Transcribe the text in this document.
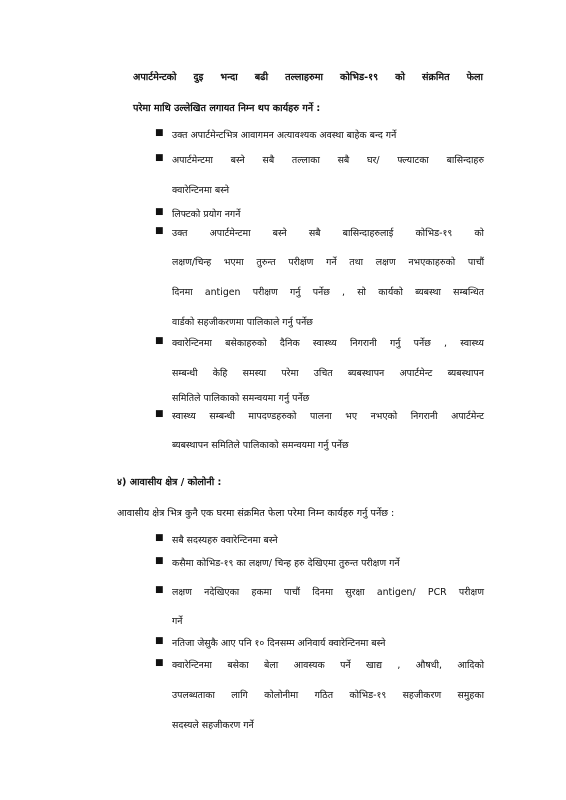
अपार्टमेन्टको दुइ भन्दा बढी तल्लाहरुमा कोभिड-१९ को संक्रमित फेला
परेमा माथि उल्लेखित लगायत निम्न थप कार्यहरु गर्ने :
■ उक्त अपार्टमेन्टभित्र आवागमन अत्यावश्यक अवस्था बाहेक बन्द गर्ने
■ अपार्टमेन्टमा बस्ने सबै तल्लाका सबै घर/ फ्ल्याटका बासिन्दाहरु
क्वारेन्टिनमा बस्ने
■ लिफ्टको प्रयोग नगर्ने
■ उक्त अपार्टमेन्टमा बस्ने सबै बासिन्दाहरुलाई कोभिड-१९ को
लक्षण/चिन्ह भएमा तुरुन्त परीक्षण गर्ने तथा लक्षण नभएकाहरुको पाचौं
दिनमा antigen परीक्षण गर्नु पर्नेछ , सो कार्यको ब्यबस्था सम्बन्धित
वार्डको सहजीकरणमा पालिकाले गर्नु पर्नेछ
■ क्वारेन्टिनमा बसेकाहरुको दैनिक स्वास्थ्य निगरानी गर्नु पर्नेछ , स्वास्थ्य
सम्बन्धी केहि समस्या परेमा उचित ब्यबस्थापन अपार्टमेन्ट ब्यबस्थापन
समितिले पालिकाको समन्वयमा गर्नु पर्नेछ
■ स्वास्थ्य सम्बन्धी मापदण्डहरुको पालना भए नभएको निगरानी अपार्टमेन्ट
ब्यबस्थापन समितिले पालिकाको समन्वयमा गर्नु पर्नेछ
४) आवासीय क्षेत्र / कोलोनी :
आवासीय क्षेत्र भित्र कुनै एक घरमा संक्रमित फेला परेमा निम्न कार्यहरु गर्नु पर्नेछ :
■ सबै सदस्यहरु क्वारेन्टिनमा बस्ने
■ कसैमा कोभिड-१९ का लक्षण/ चिन्ह हरु देखिएमा तुरुन्त परीक्षण गर्ने
■ लक्षण नदेखिएका हकमा पाचौं दिनमा सुरक्षा antigen/ PCR परीक्षण
गर्ने
■ नतिजा जेसुकै आए पनि १० दिनसम्म अनिवार्य क्वारेन्टिनमा बस्ने
■ क्वारेन्टिनमा बसेका बेला आवस्यक पर्ने खाद्य , औषधी, आदिको
उपलब्धताका लागि कोलोनीमा गठित कोभिड-१९ सहजीकरण समुहका
सदस्यले सहजीकरण गर्ने
